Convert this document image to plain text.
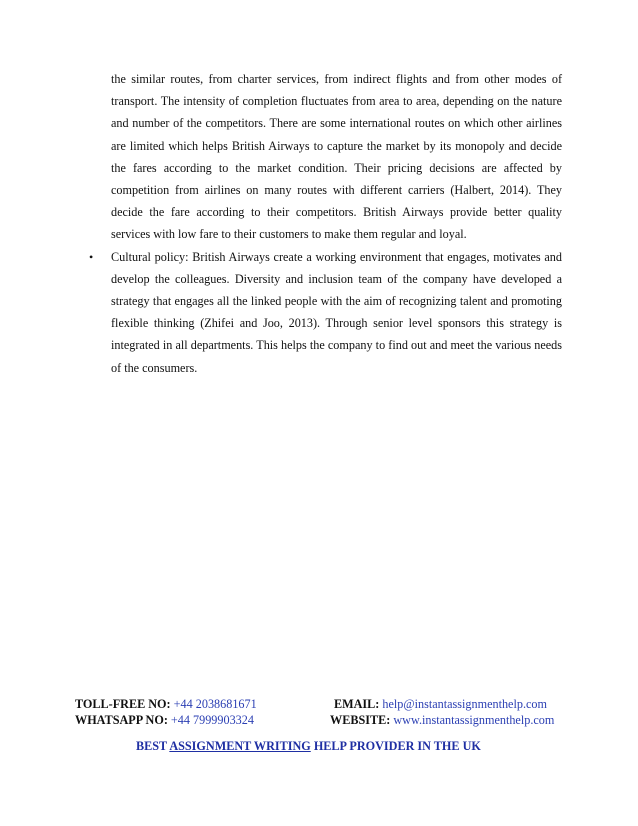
the similar routes, from charter services, from indirect flights and from other modes of transport. The intensity of completion fluctuates from area to area, depending on the nature and number of the competitors. There are some international routes on which other airlines are limited which helps British Airways to capture the market by its monopoly and decide the fares according to the market condition. Their pricing decisions are affected by competition from airlines on many routes with different carriers (Halbert, 2014). They decide the fare according to their competitors. British Airways provide better quality services with low fare to their customers to make them regular and loyal.

• Cultural policy: British Airways create a working environment that engages, motivates and develop the colleagues. Diversity and inclusion team of the company have developed a strategy that engages all the linked people with the aim of recognizing talent and promoting flexible thinking (Zhifei and Joo, 2013). Through senior level sponsors this strategy is integrated in all departments. This helps the company to find out and meet the various needs of the consumers.

TOLL-FREE NO: +44 2038681671	EMAIL: help@instantassignmenthelp.com
WHATSAPP NO: +44 7999903324	WEBSITE: www.instantassignmenthelp.com
BEST ASSIGNMENT WRITING HELP PROVIDER IN THE UK
